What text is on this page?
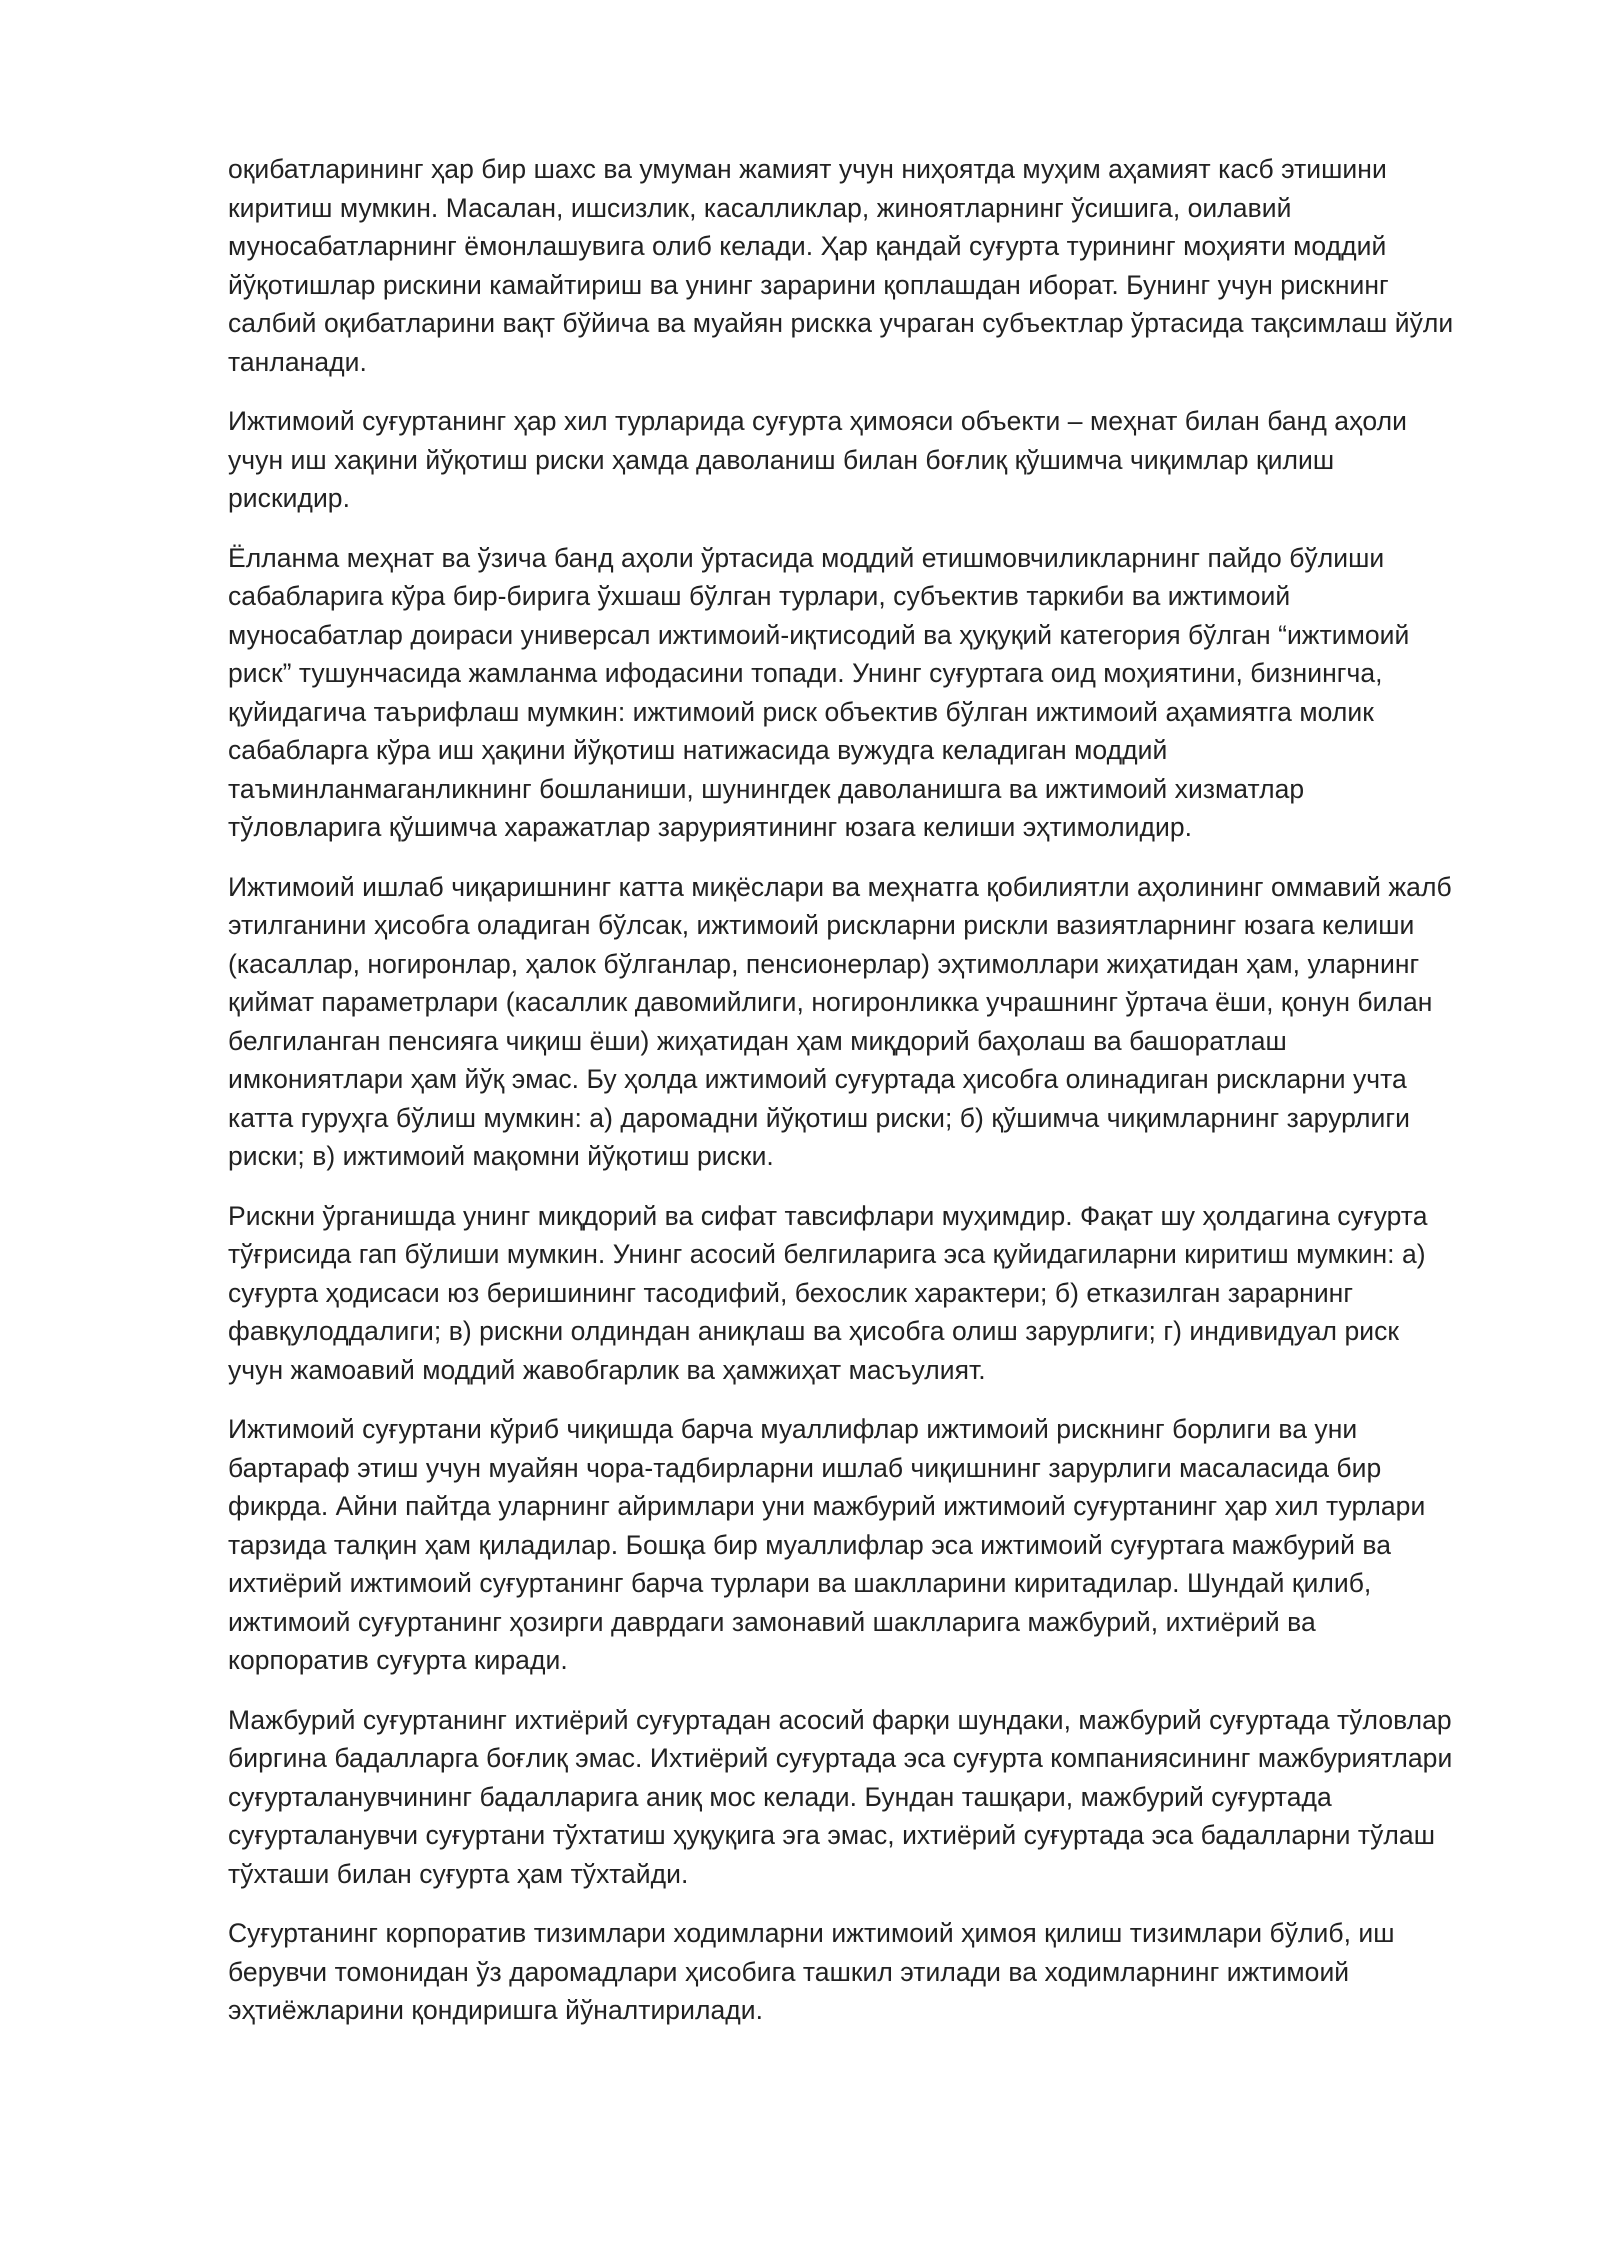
оқибатларининг ҳар бир шахс ва умуман жамият учун ниҳоятда муҳим аҳамият касб этишини киритиш мумкин. Масалан, ишсизлик, касалликлар, жиноятларнинг ўсишига, оилавий муносабатларнинг ёмонлашувига олиб келади. Ҳар қандай суғурта турининг моҳияти моддий йўқотишлар рискини камайтириш ва унинг зарарини қоплашдан иборат. Бунинг учун рискнинг салбий оқибатларини вақт бўйича ва муайян рискка учраган субъектлар ўртасида тақсимлаш йўли танланади.

Ижтимоий суғуртанинг ҳар хил турларида суғурта ҳимояси объекти – меҳнат билан банд аҳоли учун иш хақини йўқотиш риски ҳамда даволаниш билан боғлиқ қўшимча чиқимлар қилиш рискидир.

Ёлланма меҳнат ва ўзича банд аҳоли ўртасида моддий етишмовчиликларнинг пайдо бўлиши сабабларига кўра бир-бирига ўхшаш бўлган турлари, субъектив таркиби ва ижтимоий муносабатлар доираси универсал ижтимоий-иқтисодий ва ҳуқуқий категория бўлган “ижтимоий риск” тушунчасида жамланма ифодасини топади. Унинг суғуртага оид моҳиятини, бизнингча, қуйидагича таърифлаш мумкин: ижтимоий риск объектив бўлган ижтимоий аҳамиятга молик сабабларга кўра иш ҳақини йўқотиш натижасида вужудга келадиган моддий таъминланмаганликнинг бошланиши, шунингдек даволанишга ва ижтимоий хизматлар тўловларига қўшимча харажатлар заруриятининг юзага келиши эҳтимолидир.

Ижтимоий ишлаб чиқаришнинг катта миқёслари ва меҳнатга қобилиятли аҳолининг оммавий жалб этилганини ҳисобга оладиган бўлсак, ижтимоий рискларни рискли вазиятларнинг юзага келиши (касаллар, ногиронлар, ҳалок бўлганлар, пенсионерлар) эҳтимоллари жиҳатидан ҳам, уларнинг қиймат параметрлари (касаллик давомийлиги, ногиронликка учрашнинг ўртача ёши, қонун билан белгиланган пенсияга чиқиш ёши) жиҳатидан ҳам миқдорий баҳолаш ва башоратлаш имкониятлари ҳам йўқ эмас. Бу ҳолда ижтимоий суғуртада ҳисобга олинадиган рискларни учта катта гуруҳга бўлиш мумкин: а) даромадни йўқотиш риски; б) қўшимча чиқимларнинг зарурлиги риски; в) ижтимоий мақомни йўқотиш риски.

Рискни ўрганишда унинг миқдорий ва сифат тавсифлари муҳимдир. Фақат шу ҳолдагина суғурта тўғрисида гап бўлиши мумкин. Унинг асосий белгиларига эса қуйидагиларни киритиш мумкин: а) суғурта ҳодисаси юз беришининг тасодифий, бехослик характери; б) етказилган зарарнинг фавқулоддалиги; в) рискни олдиндан аниқлаш ва ҳисобга олиш зарурлиги; г) индивидуал риск учун жамоавий моддий жавобгарлик ва ҳамжиҳат масъулият.

Ижтимоий суғуртани кўриб чиқишда барча муаллифлар ижтимоий рискнинг борлиги ва уни бартараф этиш учун муайян чора-тадбирларни ишлаб чиқишнинг зарурлиги масаласида бир фикрда. Айни пайтда уларнинг айримлари уни мажбурий ижтимоий суғуртанинг ҳар хил турлари тарзида талқин ҳам қиладилар. Бошқа бир муаллифлар эса ижтимоий суғуртага мажбурий ва ихтиёрий ижтимоий суғуртанинг барча турлари ва шаклларини киритадилар. Шундай қилиб, ижтимоий суғуртанинг ҳозирги даврдаги замонавий шаклларига мажбурий, ихтиёрий ва корпоратив суғурта киради.

Мажбурий суғуртанинг ихтиёрий суғуртадан асосий фарқи шундаки, мажбурий суғуртада тўловлар биргина бадалларга боғлиқ эмас. Ихтиёрий суғуртада эса суғурта компаниясининг мажбуриятлари суғурталанувчининг бадалларига аниқ мос келади. Бундан ташқари, мажбурий суғуртада суғурталанувчи суғуртани тўхтатиш ҳуқуқига эга эмас, ихтиёрий суғуртада эса бадалларни тўлаш тўхташи билан суғурта ҳам тўхтайди.

Суғуртанинг корпоратив тизимлари ходимларни ижтимоий ҳимоя қилиш тизимлари бўлиб, иш берувчи томонидан ўз даромадлари ҳисобига ташкил этилади ва ходимларнинг ижтимоий эҳтиёжларини қондиришга йўналтирилади.
